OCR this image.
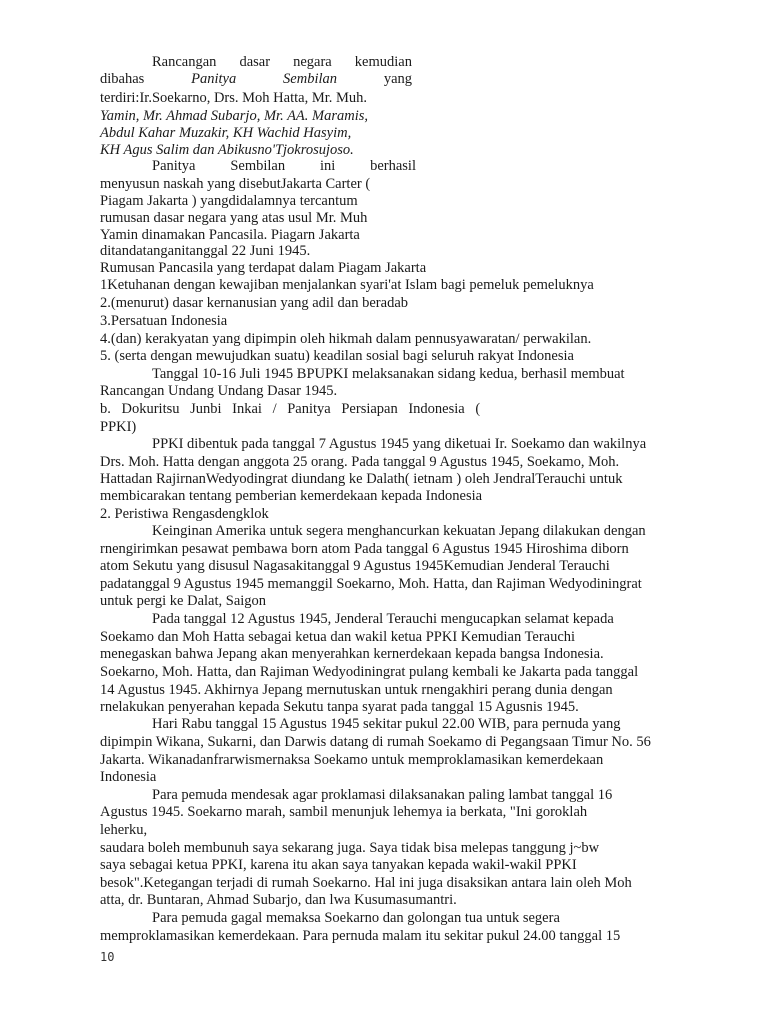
Rancangan dasar negara kemudian
dibahas	Panitya	Sembilan	yang
terdiri:Ir.Soekarno, Drs. Moh Hatta, Mr. Muh.
Yamin, Mr. Ahmad Subarjo, Mr. AA. Maramis,
Abdul Kahar Muzakir, KH Wachid Hasyim,
KH Agus Salim dan Abikusno'Tjokrosujoso.
Panitya Sembilan ini berhasil
menyusun naskah yang disebutJakarta Carter (
Piagam Jakarta ) yangdidalamnya tercantum
rumusan dasar negara yang atas usul Mr. Muh
Yamin dinamakan Pancasila. Piagarn Jakarta
ditandatanganitanggal 22 Juni 1945.
Rumusan Pancasila yang terdapat dalam Piagam Jakarta
1Ketuhanan dengan kewajiban menjalankan syari'at Islam bagi pemeluk pemeluknya
2.(menurut) dasar kernanusian yang adil dan beradab
3.Persatuan Indonesia
4.(dan) kerakyatan yang dipimpin oleh hikmah dalam pennusyawaratan/ perwakilan.
5. (serta dengan mewujudkan suatu) keadilan sosial bagi seluruh rakyat Indonesia
Tanggal 10-16 Juli 1945 BPUPKI melaksanakan sidang kedua, berhasil membuat
Rancangan Undang Undang Dasar 1945.
b. Dokuritsu Junbi Inkai / Panitya Persiapan Indonesia (
PPKI)
PPKI dibentuk pada tanggal 7 Agustus 1945 yang diketuai Ir. Soekamo dan wakilnya
Drs. Moh. Hatta dengan anggota 25 orang. Pada tanggal 9 Agustus 1945, Soekamo, Moh.
Hattadan RajirnanWedyodingrat diundang ke Dalath( ietnam ) oleh JendralTerauchi untuk
membicarakan tentang pemberian kemerdekaan kepada Indonesia
2. Peristiwa Rengasdengklok
Keinginan Amerika untuk segera menghancurkan kekuatan Jepang dilakukan dengan
rnengirimkan pesawat pembawa born atom Pada tanggal 6 Agustus 1945 Hiroshima diborn
atom Sekutu yang disusul Nagasakitanggal 9 Agustus 1945Kemudian Jenderal Terauchi
padatanggal 9 Agustus 1945 memanggil Soekarno, Moh. Hatta, dan Rajiman Wedyodiningrat
untuk pergi ke Dalat, Saigon
Pada tanggal 12 Agustus 1945, Jenderal Terauchi mengucapkan selamat kepada
Soekamo dan Moh Hatta sebagai ketua dan wakil ketua PPKI Kemudian Terauchi
menegaskan bahwa Jepang akan menyerahkan kernerdekaan kepada bangsa Indonesia.
Soekarno, Moh. Hatta, dan Rajiman Wedyodiningrat pulang kembali ke Jakarta pada tanggal
14 Agustus 1945. Akhirnya Jepang mernutuskan untuk rnengakhiri perang dunia dengan
rnelakukan penyerahan kepada Sekutu tanpa syarat pada tanggal 15 Agusnis 1945.
Hari Rabu tanggal 15 Agustus 1945 sekitar pukul 22.00 WIB, para pernuda yang
dipimpin Wikana, Sukarni, dan Darwis datang di rumah Soekamo di Pegangsaan Timur No. 56
Jakarta. Wikanadanfrarwismernaksa Soekamo untuk memproklamasikan kemerdekaan
Indonesia
Para pemuda mendesak agar proklamasi dilaksanakan paling lambat tanggal 16
Agustus 1945. Soekarno marah, sambil menunjuk lehemya ia berkata, "Ini goroklah
leherku,
saudara boleh membunuh saya sekarang juga. Saya tidak bisa melepas tanggung j~bw
saya sebagai ketua PPKI, karena itu akan saya tanyakan kepada wakil-wakil PPKI
besok".Ketegangan terjadi di rumah Soekarno. Hal ini juga disaksikan antara lain oleh Moh
atta, dr. Buntaran, Ahmad Subarjo, dan lwa Kusumasumantri.
Para pemuda gagal memaksa Soekarno dan golongan tua untuk segera
memproklamasikan kemerdekaan. Para pernuda malam itu sekitar pukul 24.00 tanggal 15
10
